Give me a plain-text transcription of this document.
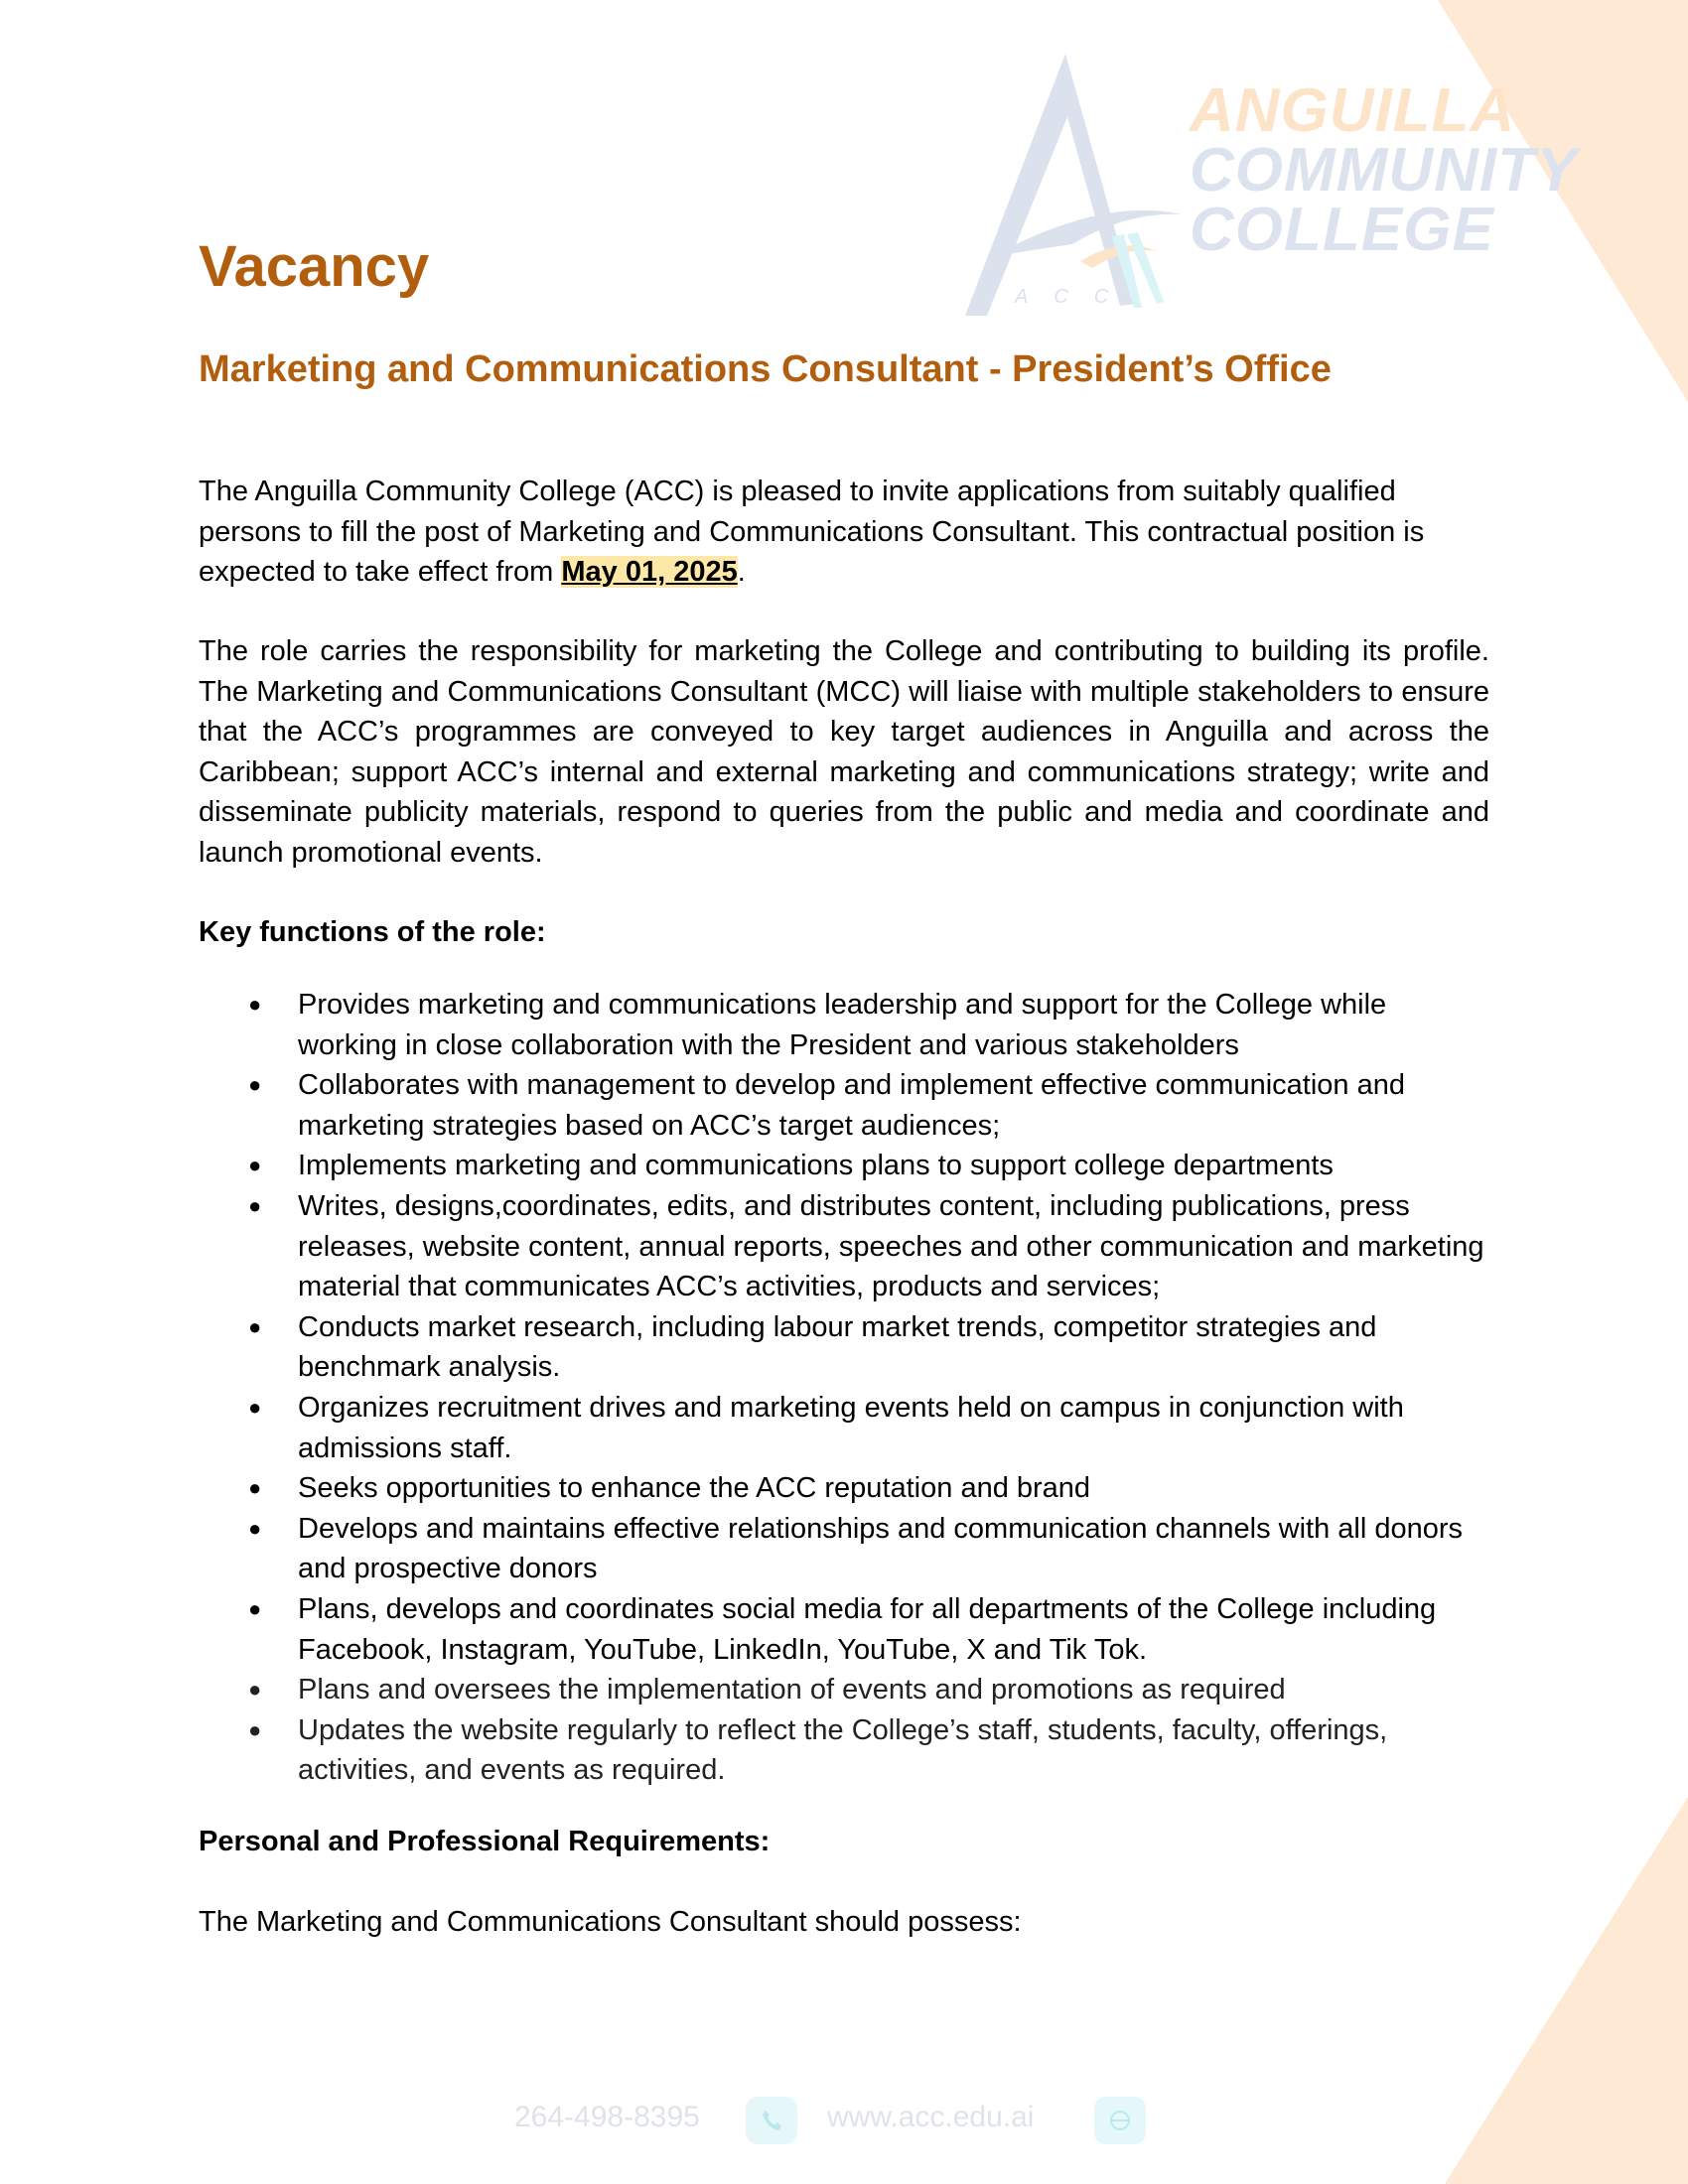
ANGUILLA
COMMUNITY
COLLEGE
ACC
Vacancy
Marketing and Communications Consultant - President’s Office

The Anguilla Community College (ACC) is pleased to invite applications from suitably qualified persons to fill the post of Marketing and Communications Consultant. This contractual position is expected to take effect from May 01, 2025.

The role carries the responsibility for marketing the College and contributing to building its profile. The Marketing and Communications Consultant (MCC) will liaise with multiple stakeholders to ensure that the ACC’s programmes are conveyed to key target audiences in Anguilla and across the Caribbean; support ACC’s internal and external marketing and communications strategy; write and disseminate publicity materials, respond to queries from the public and media and coordinate and launch promotional events.

Key functions of the role:
● Provides marketing and communications leadership and support for the College while working in close collaboration with the President and various stakeholders
● Collaborates with management to develop and implement effective communication and marketing strategies based on ACC’s target audiences;
● Implements marketing and communications plans to support college departments
● Writes, designs,coordinates, edits, and distributes content, including publications, press releases, website content, annual reports, speeches and other communication and marketing material that communicates ACC’s activities, products and services;
● Conducts market research, including labour market trends, competitor strategies and benchmark analysis.
● Organizes recruitment drives and marketing events held on campus in conjunction with admissions staff.
● Seeks opportunities to enhance the ACC reputation and brand
● Develops and maintains effective relationships and communication channels with all donors and prospective donors
● Plans, develops and coordinates social media for all departments of the College including Facebook, Instagram, YouTube, LinkedIn, YouTube, X and Tik Tok.
● Plans and oversees the implementation of events and promotions as required
● Updates the website regularly to reflect the College’s staff, students, faculty, offerings, activities, and events as required.
Personal and Professional Requirements:

The Marketing and Communications Consultant should possess:

264-498-8395	www.acc.edu.ai
